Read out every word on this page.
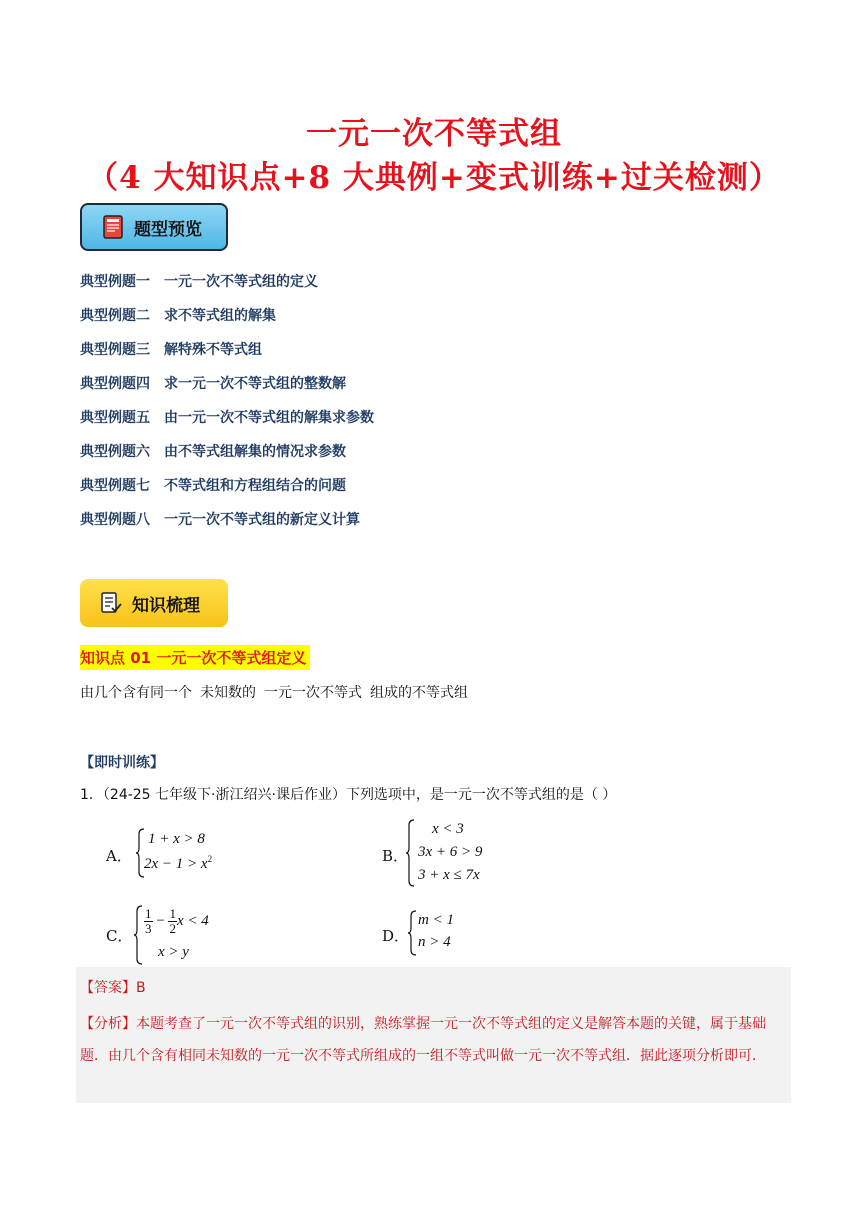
一元一次不等式组
（4 大知识点+8 大典例+变式训练+过关检测）
题型预览
典型例题一 一元一次不等式组的定义
典型例题二 求不等式组的解集
典型例题三 解特殊不等式组
典型例题四 求一元一次不等式组的整数解
典型例题五 由一元一次不等式组的解集求参数
典型例题六 由不等式组解集的情况求参数
典型例题七 不等式组和方程组结合的问题
典型例题八 一元一次不等式组的新定义计算
知识梳理
知识点 01 一元一次不等式组定义
由几个含有同一个 未知数的 一元一次不等式 组成的不等式组
【即时训练】
1．（24-25 七年级下·浙江绍兴·课后作业）下列选项中，是一元一次不等式组的是（ ）
A．
1 + x > 8
$2x - 1 > x^2$	B．
x < 3
3x + 6 > 9
3 + x ≤ 7x
C． $\frac{1}{3} - \frac{1}{2}$ x < 4
x > y
D．
m < 1
n > 4
【答案】B
【分析】本题考查了一元一次不等式组的识别，熟练掌握一元一次不等式组的定义是解答本题的关键，属于基础题．由几个含有相同未知数的一元一次不等式所组成的一组不等式叫做一元一次不等式组．据此逐项分析即可．
